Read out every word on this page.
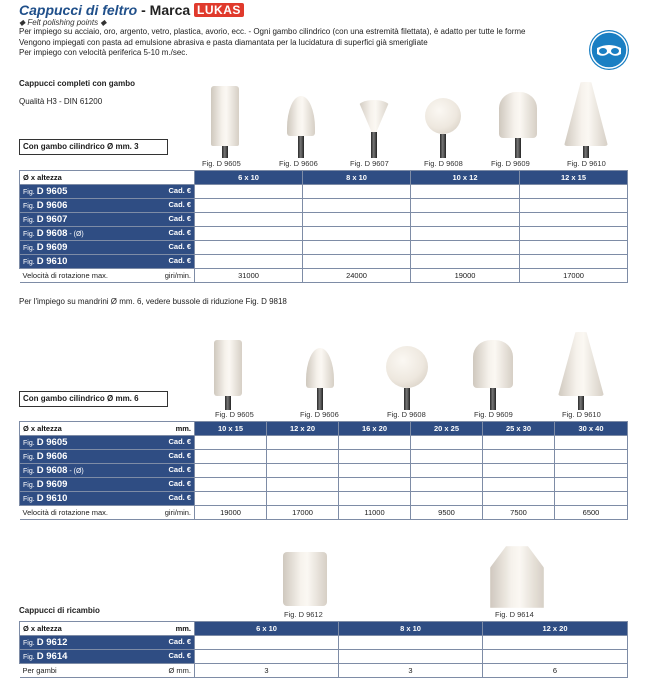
Cappucci di feltro - Marca LUKAS
◆ Felt polishing points ◆
Per impiego su acciaio, oro, argento, vetro, plastica, avorio, ecc. - Ogni gambo cilindrico (con una estremità filettata), è adatto per tutte le forme
Vengono impiegati con pasta ad emulsione abrasiva e pasta diamantata per la lucidatura di superfici già smerigliate
Per impiego con velocità periferica 5-10 m./sec.
Cappucci completi con gambo
Qualità H3 - DIN 61200
Con gambo cilindrico Ø mm. 3
Fig. D 9605	Fig. D 9606	Fig. D 9607	Fig. D 9608	Fig. D 9609	Fig. D 9610
Ø x altezza	6 x 10	8 x 10	10 x 12	12 x 15
Fig. D 9605 Cad. €				

Fig. D 9606 Cad. €				

Fig. D 9607 Cad. €				

Fig. D 9608 - (Ø) Cad. €				

Fig. D 9609 Cad. €				

Fig. D 9610 Cad. €				

Velocità di rotazione max. giri/min.	31000	24000	19000	17000
Per l'impiego su mandrini Ø mm. 6, vedere bussole di riduzione Fig. D 9818
Con gambo cilindrico Ø mm. 6
Fig. D 9605	Fig. D 9606	Fig. D 9608	Fig. D 9609	Fig. D 9610
Ø x altezza mm.	10 x 15	12 x 20	16 x 20	20 x 25	25 x 30	30 x 40
Fig. D 9605 Cad. €						

Fig. D 9606 Cad. €						

Fig. D 9608 - (Ø) Cad. €						

Fig. D 9609 Cad. €						

Fig. D 9610 Cad. €						

Velocità di rotazione max. giri/min.	19000	17000	11000	9500	7500	6500
Cappucci di ricambio	Fig. D 9612	Fig. D 9614
Ø x altezza mm.	6 x 10	8 x 10	12 x 20
Fig. D 9612 Cad. €			

Fig. D 9614 Cad. €			

Per gambi Ø mm.	3	3	6
